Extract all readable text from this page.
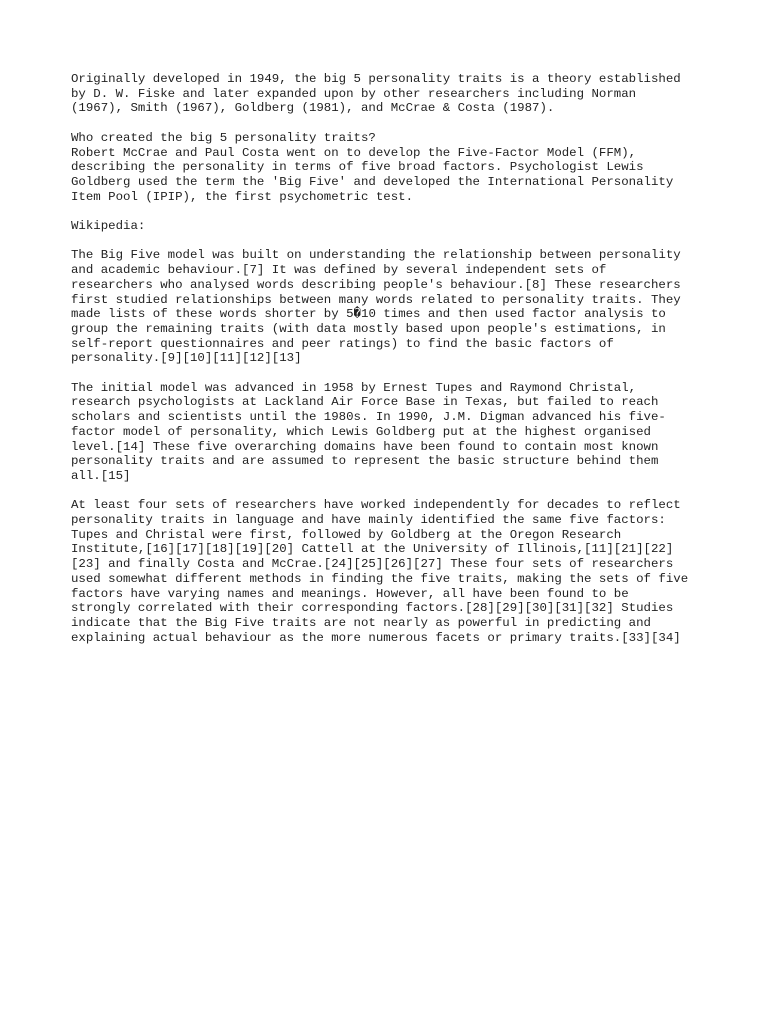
Originally developed in 1949, the big 5 personality traits is a theory established
by D. W. Fiske and later expanded upon by other researchers including Norman
(1967), Smith (1967), Goldberg (1981), and McCrae & Costa (1987).
Who created the big 5 personality traits?
Robert McCrae and Paul Costa went on to develop the Five-Factor Model (FFM),
describing the personality in terms of five broad factors. Psychologist Lewis
Goldberg used the term the 'Big Five' and developed the International Personality
Item Pool (IPIP), the first psychometric test.
Wikipedia:
The Big Five model was built on understanding the relationship between personality
and academic behaviour.[7] It was defined by several independent sets of
researchers who analysed words describing people's behaviour.[8] These researchers
first studied relationships between many words related to personality traits. They
made lists of these words shorter by 5�10 times and then used factor analysis to
group the remaining traits (with data mostly based upon people's estimations, in
self-report questionnaires and peer ratings) to find the basic factors of
personality.[9][10][11][12][13]
The initial model was advanced in 1958 by Ernest Tupes and Raymond Christal,
research psychologists at Lackland Air Force Base in Texas, but failed to reach
scholars and scientists until the 1980s. In 1990, J.M. Digman advanced his five-
factor model of personality, which Lewis Goldberg put at the highest organised
level.[14] These five overarching domains have been found to contain most known
personality traits and are assumed to represent the basic structure behind them
all.[15]
At least four sets of researchers have worked independently for decades to reflect
personality traits in language and have mainly identified the same five factors:
Tupes and Christal were first, followed by Goldberg at the Oregon Research
Institute,[16][17][18][19][20] Cattell at the University of Illinois,[11][21][22]
[23] and finally Costa and McCrae.[24][25][26][27] These four sets of researchers
used somewhat different methods in finding the five traits, making the sets of five
factors have varying names and meanings. However, all have been found to be
strongly correlated with their corresponding factors.[28][29][30][31][32] Studies
indicate that the Big Five traits are not nearly as powerful in predicting and
explaining actual behaviour as the more numerous facets or primary traits.[33][34]
